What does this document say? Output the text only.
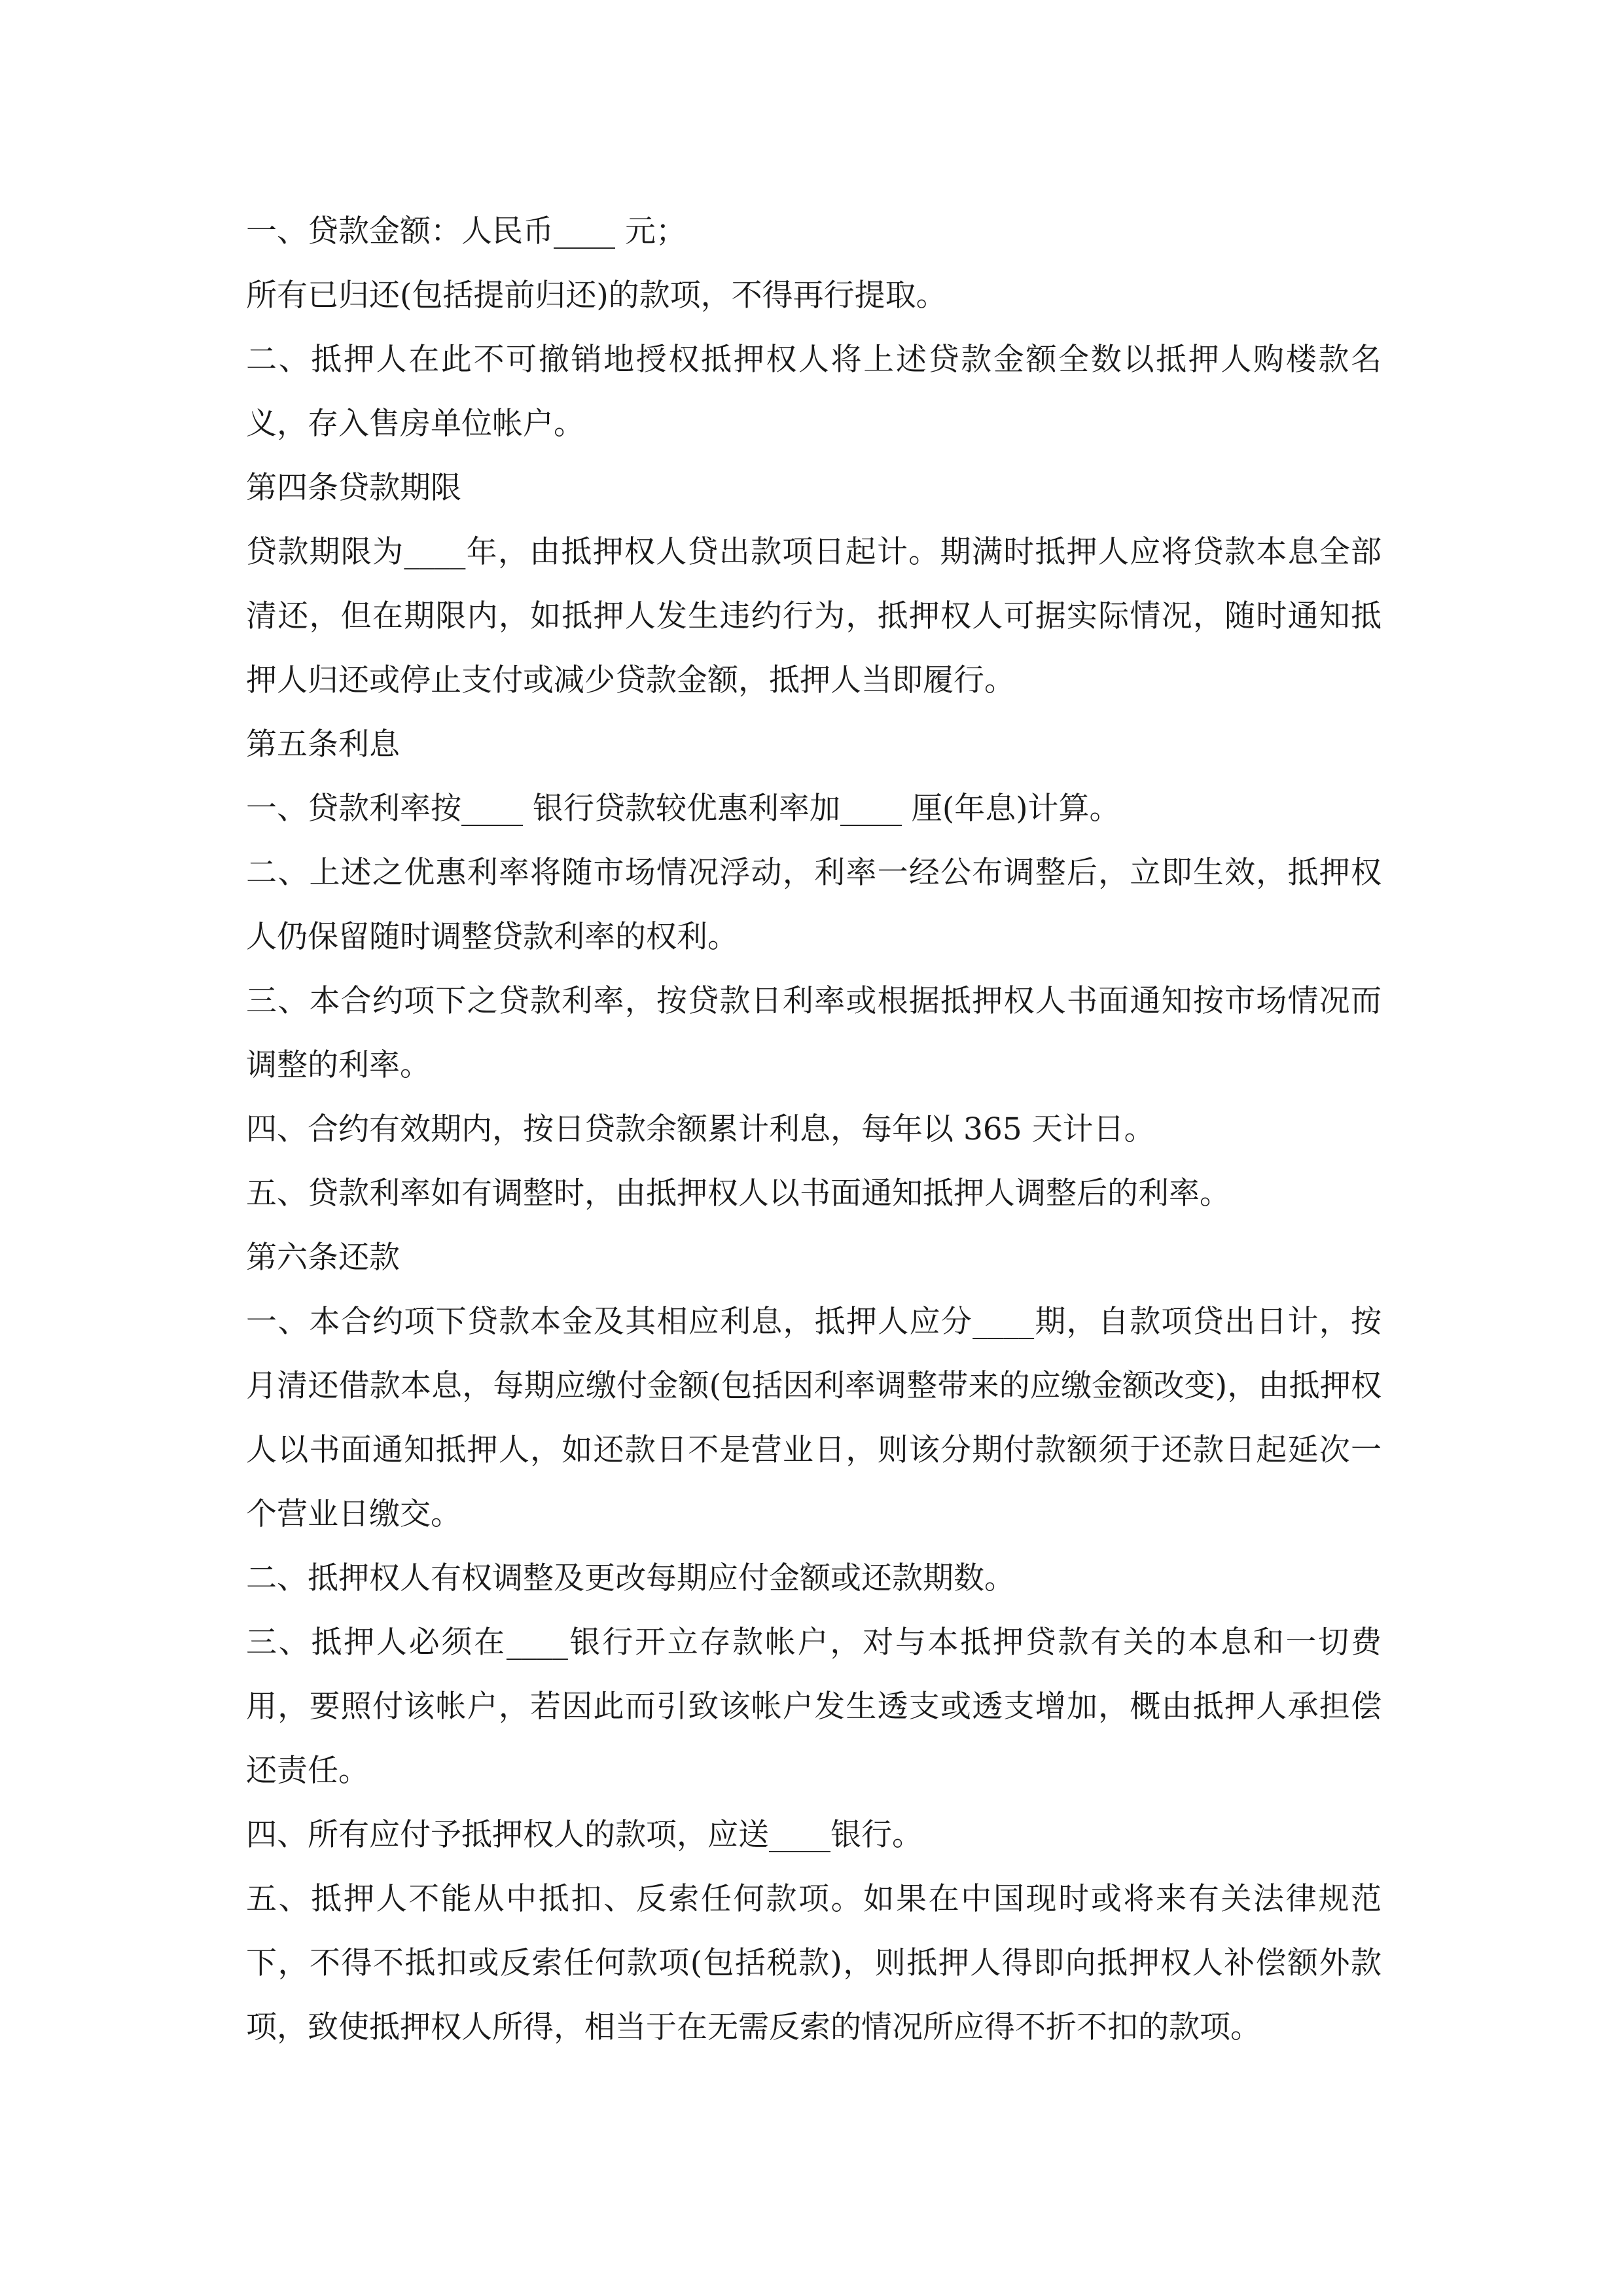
一、贷款金额：人民币____ 元；

所有已归还(包括提前归还)的款项，不得再行提取。

二、抵押人在此不可撤销地授权抵押权人将上述贷款金额全数以抵押人购楼款名义，存入售房单位帐户。

第四条贷款期限

贷款期限为____年，由抵押权人贷出款项日起计。期满时抵押人应将贷款本息全部清还，但在期限内，如抵押人发生违约行为，抵押权人可据实际情况，随时通知抵押人归还或停止支付或减少贷款金额，抵押人当即履行。

第五条利息

一、贷款利率按____ 银行贷款较优惠利率加____ 厘(年息)计算。

二、上述之优惠利率将随市场情况浮动，利率一经公布调整后，立即生效，抵押权人仍保留随时调整贷款利率的权利。

三、本合约项下之贷款利率，按贷款日利率或根据抵押权人书面通知按市场情况而调整的利率。

四、合约有效期内，按日贷款余额累计利息，每年以 365 天计日。

五、贷款利率如有调整时，由抵押权人以书面通知抵押人调整后的利率。

第六条还款

一、本合约项下贷款本金及其相应利息，抵押人应分____期，自款项贷出日计，按月清还借款本息，每期应缴付金额(包括因利率调整带来的应缴金额改变)，由抵押权人以书面通知抵押人，如还款日不是营业日，则该分期付款额须于还款日起延次一个营业日缴交。

二、抵押权人有权调整及更改每期应付金额或还款期数。

三、抵押人必须在____银行开立存款帐户，对与本抵押贷款有关的本息和一切费用，要照付该帐户，若因此而引致该帐户发生透支或透支增加，概由抵押人承担偿还责任。

四、所有应付予抵押权人的款项，应送____银行。

五、抵押人不能从中抵扣、反索任何款项。如果在中国现时或将来有关法律规范下，不得不抵扣或反索任何款项(包括税款)，则抵押人得即向抵押权人补偿额外款项，致使抵押权人所得，相当于在无需反索的情况所应得不折不扣的款项。
